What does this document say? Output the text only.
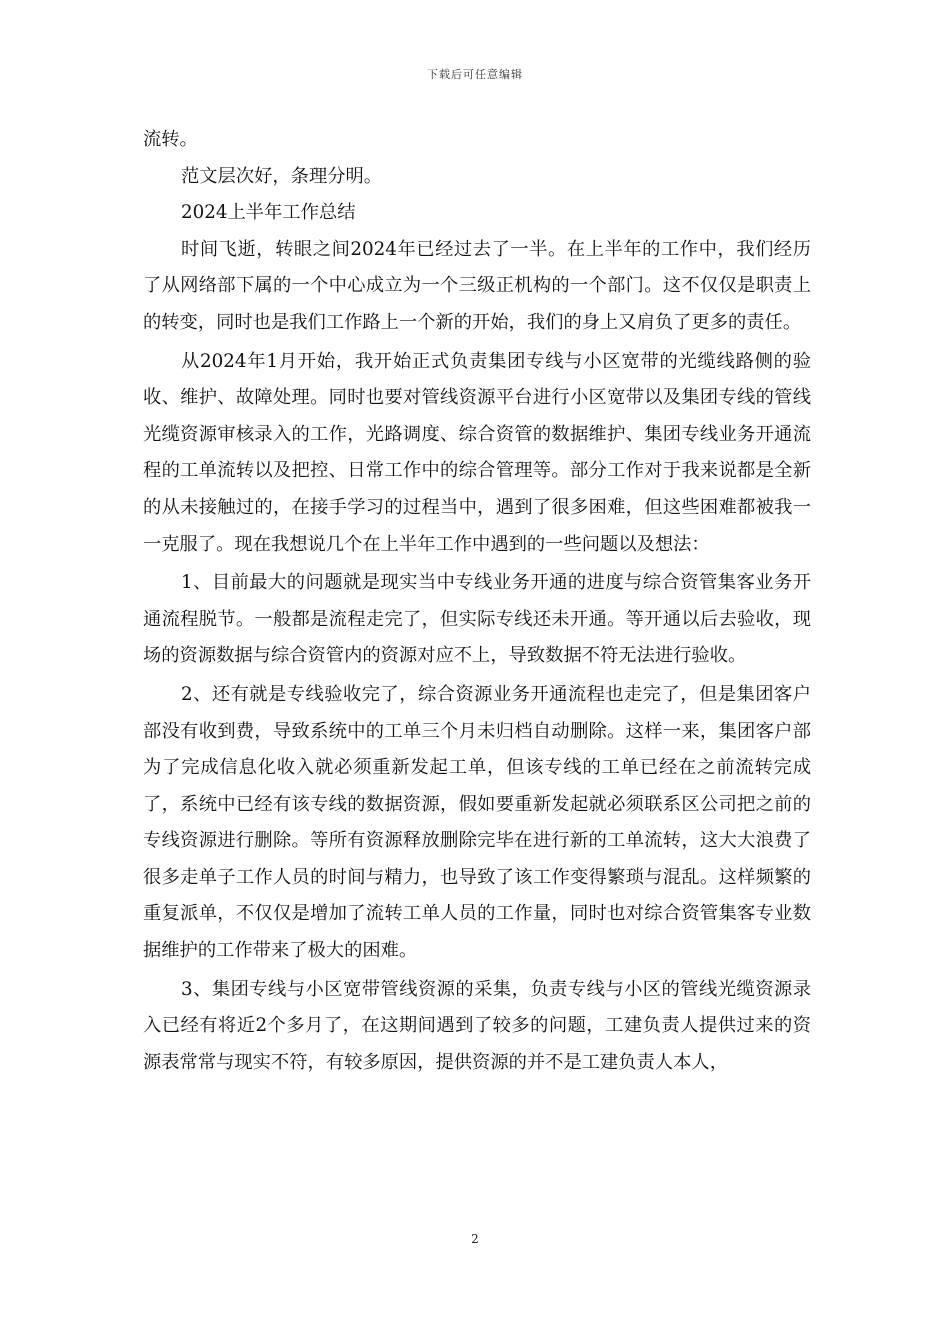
下载后可任意编辑

流转。

范文层次好，条理分明。

2024上半年工作总结

时间飞逝，转眼之间2024年已经过去了一半。在上半年的工作中，我们经历了从网络部下属的一个中心成立为一个三级正机构的一个部门。这不仅仅是职责上的转变，同时也是我们工作路上一个新的开始，我们的身上又肩负了更多的责任。

从2024年1月开始，我开始正式负责集团专线与小区宽带的光缆线路侧的验收、维护、故障处理。同时也要对管线资源平台进行小区宽带以及集团专线的管线光缆资源审核录入的工作，光路调度、综合资管的数据维护、集团专线业务开通流程的工单流转以及把控、日常工作中的综合管理等。部分工作对于我来说都是全新的从未接触过的，在接手学习的过程当中，遇到了很多困难，但这些困难都被我一一克服了。现在我想说几个在上半年工作中遇到的一些问题以及想法：

1、目前最大的问题就是现实当中专线业务开通的进度与综合资管集客业务开通流程脱节。一般都是流程走完了，但实际专线还未开通。等开通以后去验收，现场的资源数据与综合资管内的资源对应不上，导致数据不符无法进行验收。

2、还有就是专线验收完了，综合资源业务开通流程也走完了，但是集团客户部没有收到费，导致系统中的工单三个月未归档自动删除。这样一来，集团客户部为了完成信息化收入就必须重新发起工单，但该专线的工单已经在之前流转完成了，系统中已经有该专线的数据资源，假如要重新发起就必须联系区公司把之前的专线资源进行删除。等所有资源释放删除完毕在进行新的工单流转，这大大浪费了很多走单子工作人员的时间与精力，也导致了该工作变得繁琐与混乱。这样频繁的重复派单，不仅仅是增加了流转工单人员的工作量，同时也对综合资管集客专业数据维护的工作带来了极大的困难。

3、集团专线与小区宽带管线资源的采集，负责专线与小区的管线光缆资源录入已经有将近2个多月了，在这期间遇到了较多的问题，工建负责人提供过来的资源表常常与现实不符，有较多原因，提供资源的并不是工建负责人本人，

2
